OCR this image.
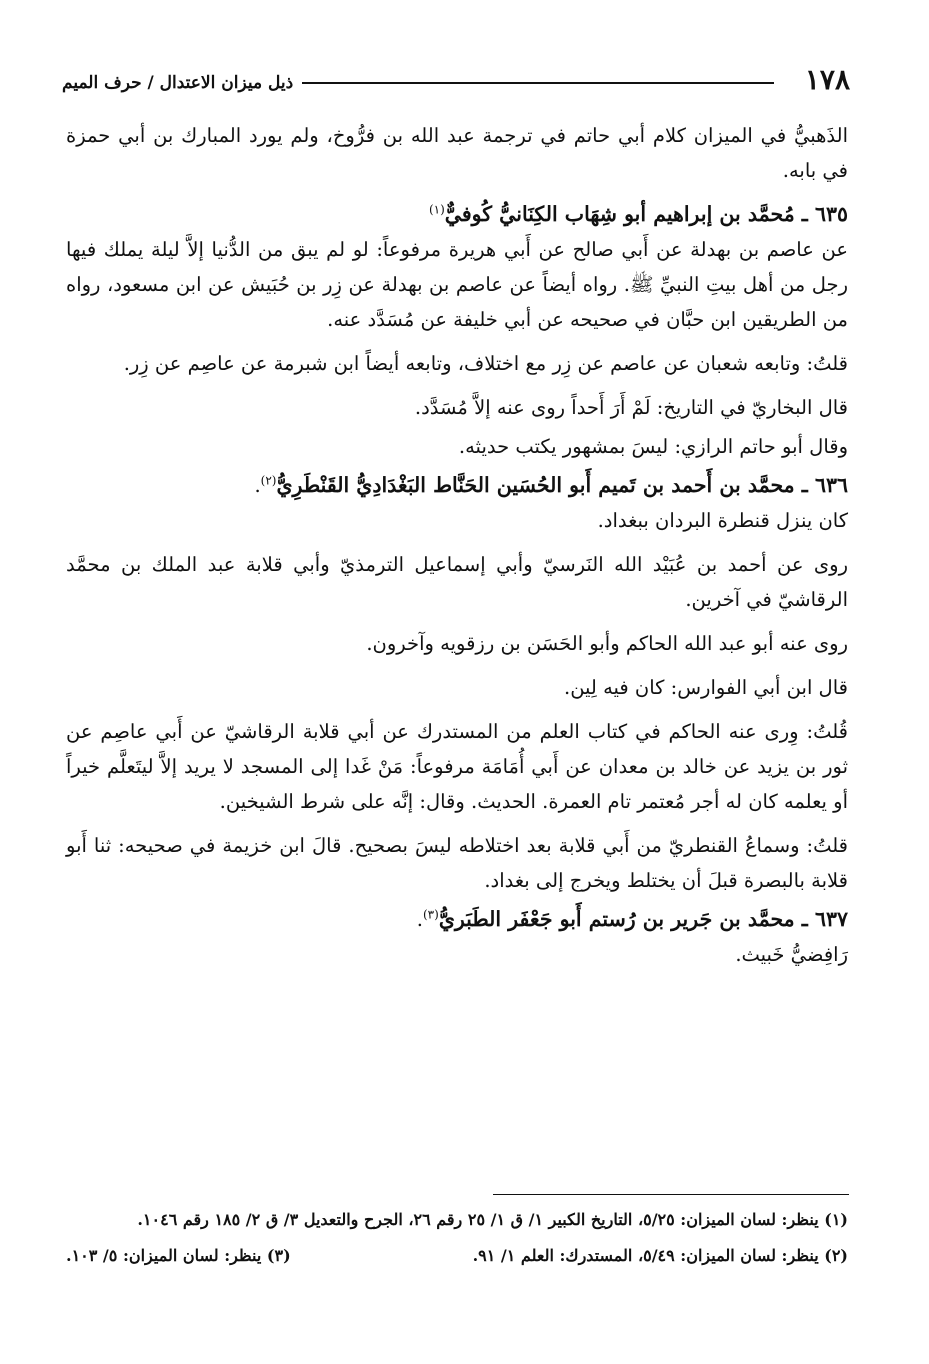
١٧٨
ذيل ميزان الاعتدال / حرف الميم

الذَهبيُّ في الميزان كلام أبي حاتم في ترجمة عبد الله بن فرُّوخ، ولم يورد المبارك بن أبي حمزة في بابه.

٦٣٥ ـ مُحمَّد بن إبراهيم أبو شِهَاب الكِنَانيُّ كُوفيٌّ$^{(١)}$

عن عاصم بن بهدلة عن أَبي صالح عن أَبي هريرة مرفوعاً: لو لم يبق من الدُّنيا إلاَّ ليلة يملك فيها رجل من أهل بيتِ النبيِّ ﷺ. رواه أيضاً عن عاصم بن بهدلة عن زِر بن حُبَيش عن ابن مسعود، رواه من الطريقين ابن حبَّان في صحيحه عن أبي خليفة عن مُسَدَّد عنه.

قلتُ: وتابعه شعبان عن عاصم عن زِر مع اختلاف، وتابعه أيضاً ابن شبرمة عن عاصِم عن زِر.

قال البخاريّ في التاريخ: لَمْ أَرَ أَحداً روى عنه إلاَّ مُسَدَّد.

وقال أبو حاتم الرازي: ليسَ بمشهور يكتب حديثه.

٦٣٦ ـ محمَّد بن أَحمد بن تَميم أَبو الحُسَين الحَنَّاط البَغْدَادِيُّ القَنْطَرِيُّ$^{(٢)}$.

كان ينزل قنطرة البردان ببغداد.

روى عن أحمد بن عُبَيْد الله النَرسيّ وأبي إسماعيل الترمذيّ وأبي قلابة عبد الملك بن محمَّد الرقاشيّ في آخرين.

روى عنه أبو عبد الله الحاكم وأبو الحَسَن بن رزقويه وآخرون.

قال ابن أبي الفوارس: كان فيه لِين.

قُلتُ: وِرى عنه الحاكم في كتاب العلم من المستدرك عن أبي قلابة الرقاشيّ عن أَبي عاصِم عن ثور بن يزيد عن خالد بن معدان عن أَبي أُمَامَة مرفوعاً: مَنْ غَدا إلى المسجد لا يريد إلاَّ ليتَعلَّم خيراً أو يعلمه كان له أجر مُعتمر تام العمرة. الحديث. وقال: إنَّه على شرط الشيخين.

قلتُ: وسماعُ القنطريّ من أَبي قلابة بعد اختلاطه ليسَ بصحيح. قالَ ابن خزيمة في صحيحه: ثنا أَبو قلابة بالبصرة قبلَ أن يختلط ويخرج إلى بغداد.

٦٣٧ ـ محمَّد بن جَرير بن رُستم أَبو جَعْفَر الطَبَريُّ$^{(٣)}$.

رَافِضيُّ خَبيث.

(١) ينظر: لسان الميزان: ٥/٢٥، التاريخ الكبير ١/ ق ١/ ٢٥ رقم ٢٦، الجرح والتعديل ٣/ ق ٢/ ١٨٥ رقم ١٠٤٦.

(٢) ينظر: لسان الميزان: ٥/٤٩، المستدرك: العلم ١/ ٩١.
(٣) ينظر: لسان الميزان: ٥/ ١٠٣.
